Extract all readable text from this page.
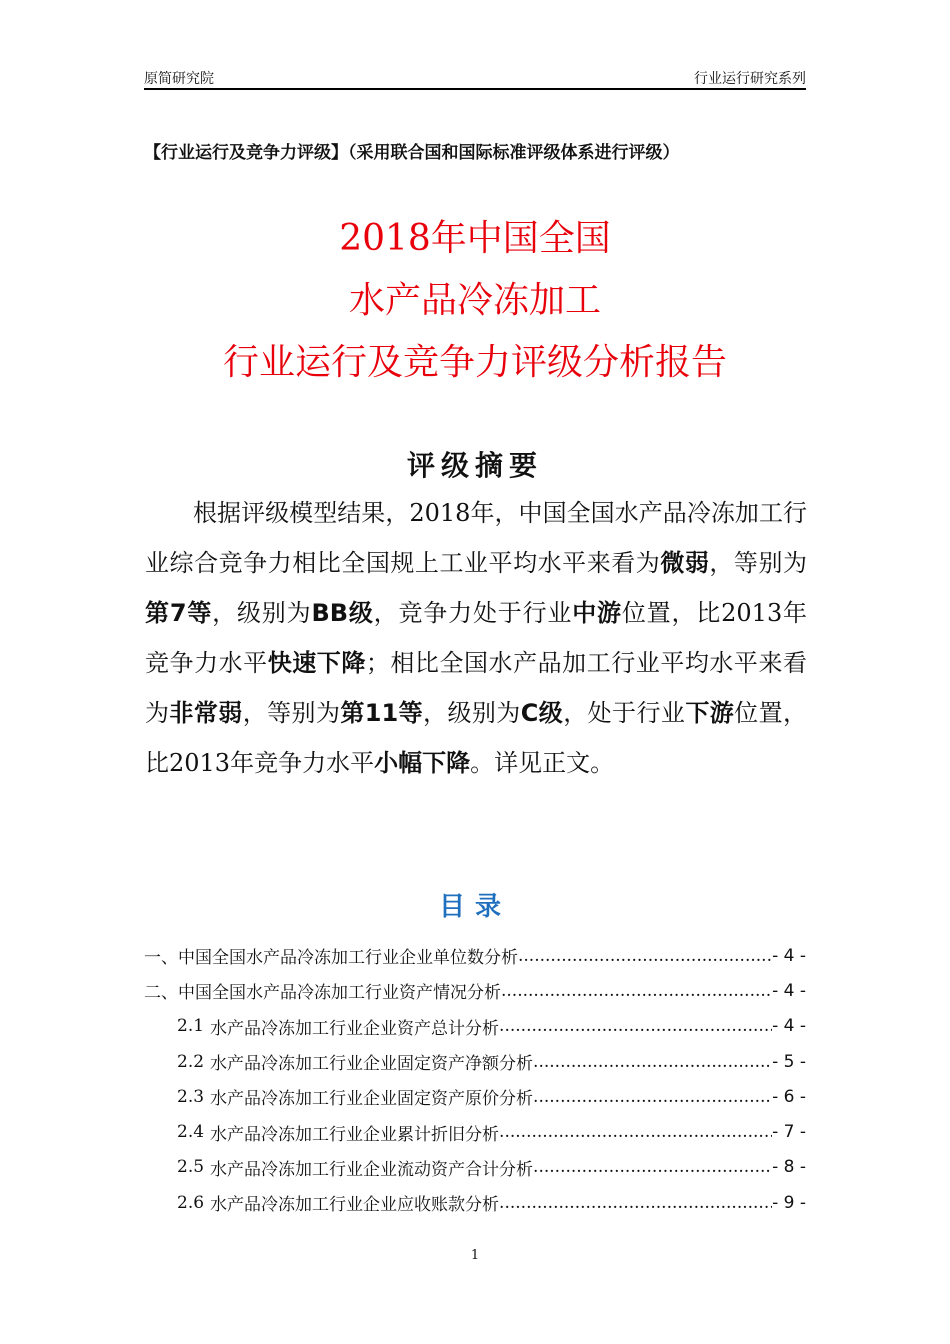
原简研究院	行业运行研究系列
【行业运行及竞争力评级】（采用联合国和国际标准评级体系进行评级）
2018年中国全国
水产品冷冻加工
行业运行及竞争力评级分析报告
评级摘要
根据评级模型结果，2018年，中国全国水产品冷冻加工行业综合竞争力相比全国规上工业平均水平来看为微弱，等别为第7等，级别为BB级，竞争力处于行业中游位置，比2013年竞争力水平快速下降；相比全国水产品加工行业平均水平来看为非常弱，等别为第11等，级别为C级，处于行业下游位置，比2013年竞争力水平小幅下降。详见正文。
目录
一、中国全国水产品冷冻加工行业企业单位数分析 .....	- 4 -
二、中国全国水产品冷冻加工行业资产情况分析 .....	- 4 -
2.1 水产品冷冻加工行业企业资产总计分析 .....	- 4 -
2.2 水产品冷冻加工行业企业固定资产净额分析 .....	- 5 -
2.3 水产品冷冻加工行业企业固定资产原价分析 .....	- 6 -
2.4 水产品冷冻加工行业企业累计折旧分析 .....	- 7 -
2.5 水产品冷冻加工行业企业流动资产合计分析 .....	- 8 -
2.6 水产品冷冻加工行业企业应收账款分析 .....	- 9 -
1
